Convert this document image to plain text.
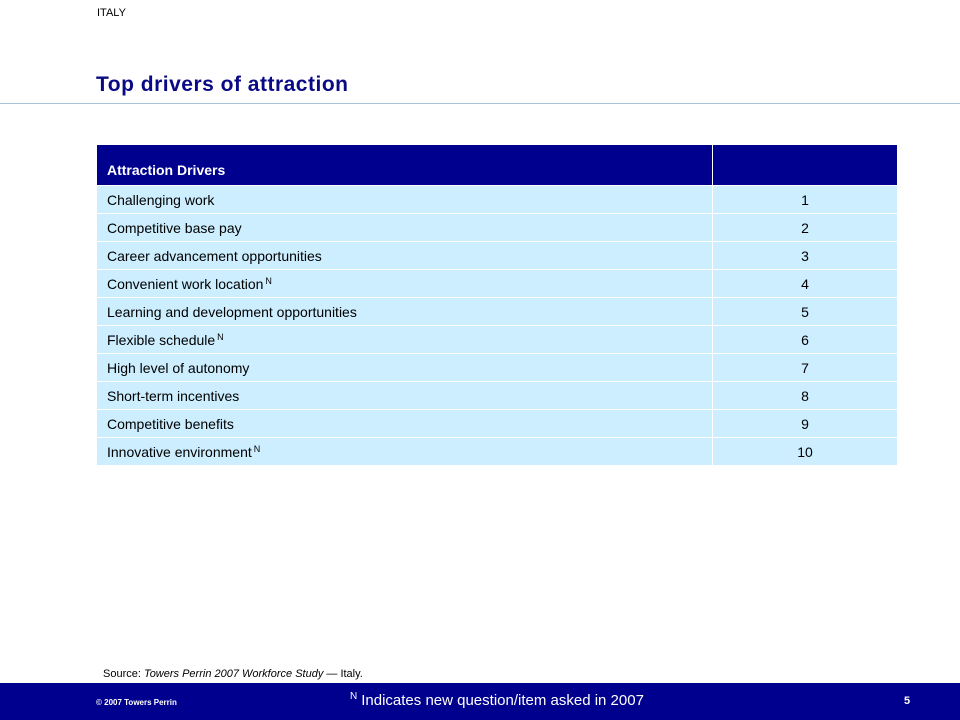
ITALY
Top drivers of attraction
Attraction Drivers	
Challenging work	1
Competitive base pay	2
Career advancement opportunities	3
Convenient work location $^N$	4
Learning and development opportunities	5
Flexible schedule $^N$	6
High level of autonomy	7
Short-term incentives	8
Competitive benefits	9
Innovative environment $^N$	10
Source: Towers Perrin 2007 Workforce Study — Italy.
© 2007 Towers Perrin
$^N$ Indicates new question/item asked in 2007	5
